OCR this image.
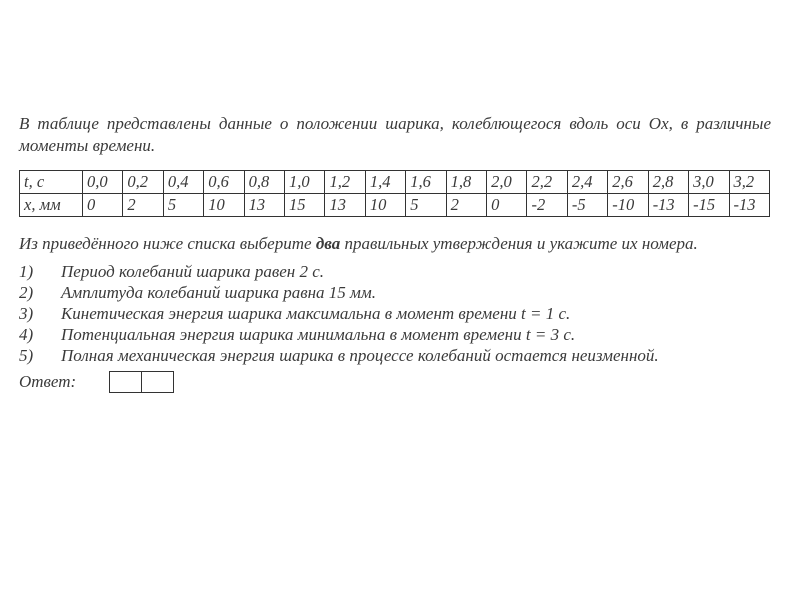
В таблице представлены данные о положении шарика, колеблющегося вдоль оси Ox, в различные моменты времени.

t, c	0,0	0,2	0,4	0,6	0,8	1,0	1,2	1,4	1,6	1,8	2,0	2,2	2,4	2,6	2,8	3,0	3,2
x, мм	0	2	5	10	13	15	13	10	5	2	0	-2	-5	-10	-13	-15	-13

Из приведённого ниже списка выберите два правильных утверждения и укажите их номера.

1)	Период колебаний шарика равен 2 с.
2)	Амплитуда колебаний шарика равна 15 мм.
3)	Кинетическая энергия шарика максимальна в момент времени t = 1 с.
4)	Потенциальная энергия шарика минимальна в момент времени t = 3 с.
5)	Полная механическая энергия шарика в процессе колебаний остается неизменной.
Ответ:
